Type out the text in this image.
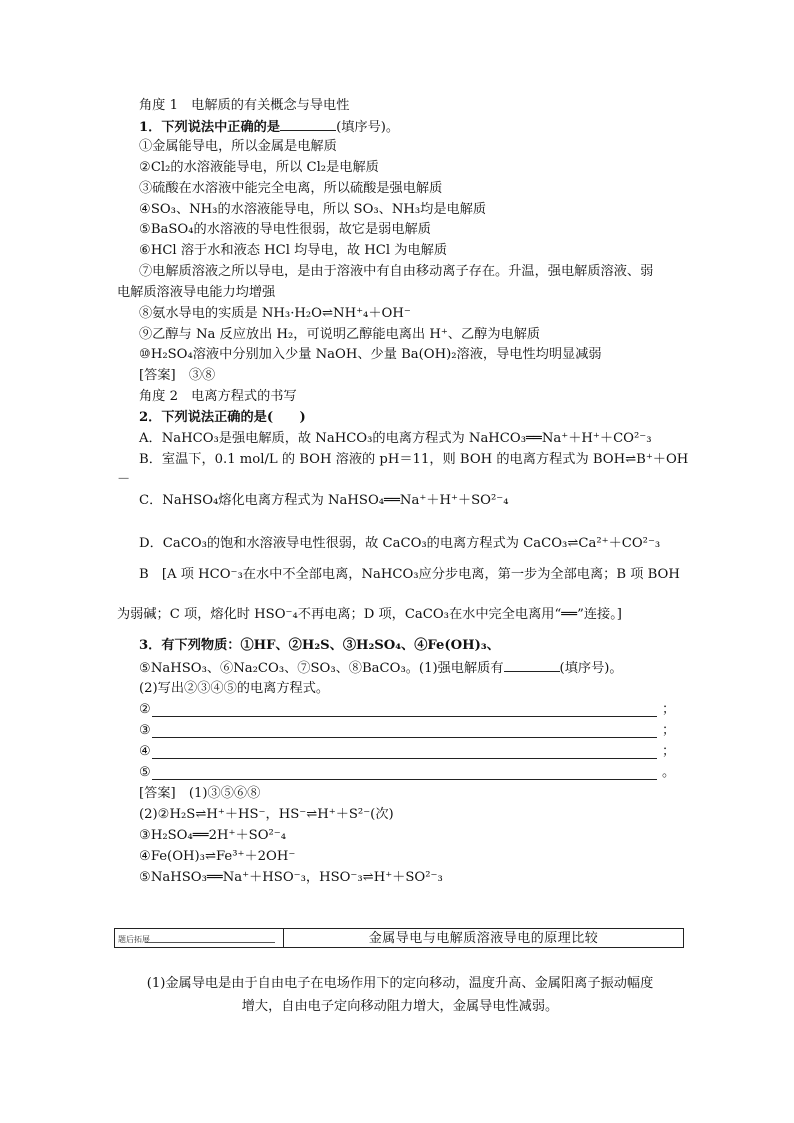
角度 1　电解质的有关概念与导电性
1．下列说法中正确的是	(填序号)。
①金属能导电，所以金属是电解质
②Cl₂的水溶液能导电，所以 Cl₂是电解质
③硫酸在水溶液中能完全电离，所以硫酸是强电解质
④SO₃、NH₃的水溶液能导电，所以 SO₃、NH₃均是电解质
⑤BaSO₄的水溶液的导电性很弱，故它是弱电解质
⑥HCl 溶于水和液态 HCl 均导电，故 HCl 为电解质
⑦电解质溶液之所以导电，是由于溶液中有自由移动离子存在。升温，强电解质溶液、弱
电解质溶液导电能力均增强
⑧氨水导电的实质是 NH₃·H₂O⇌NH⁺₄＋OH⁻
⑨乙醇与 Na 反应放出 H₂，可说明乙醇能电离出 H⁺、乙醇为电解质
⑩H₂SO₄溶液中分别加入少量 NaOH、少量 Ba(OH)₂溶液，导电性均明显减弱
[答案]　③⑧
角度 2　电离方程式的书写
2．下列说法正确的是(　　)
A．NaHCO₃是强电解质，故 NaHCO₃的电离方程式为 NaHCO₃══Na⁺＋H⁺＋CO²⁻₃
B．室温下，0.1 mol/L 的 BOH 溶液的 pH＝11，则 BOH 的电离方程式为 BOH⇌B⁺＋OH
－
C．NaHSO₄熔化电离方程式为 NaHSO₄══Na⁺＋H⁺＋SO²⁻₄
D．CaCO₃的饱和水溶液导电性很弱，故 CaCO₃的电离方程式为 CaCO₃⇌Ca²⁺＋CO²⁻₃
B　[A 项 HCO⁻₃在水中不全部电离，NaHCO₃应分步电离，第一步为全部电离；B 项 BOH
为弱碱；C 项，熔化时 HSO⁻₄不再电离；D 项，CaCO₃在水中完全电离用“══”连接。]
3．有下列物质：①HF、②H₂S、③H₂SO₄、④Fe(OH)₃、
⑤NaHSO₃、⑥Na₂CO₃、⑦SO₃、⑧BaCO₃。(1)强电解质有	(填序号)。
(2)写出②③④⑤的电离方程式。
②	；
③	；
④	；
⑤	。
[答案]　(1)③⑤⑥⑧
(2)②H₂S⇌H⁺＋HS⁻，HS⁻⇌H⁺＋S²⁻(次)
③H₂SO₄══2H⁺＋SO²⁻₄
④Fe(OH)₃⇌Fe³⁺＋2OH⁻
⑤NaHSO₃══Na⁺＋HSO⁻₃，HSO⁻₃⇌H⁺＋SO²⁻₃
题后拓展	金属导电与电解质溶液导电的原理比较
(1)金属导电是由于自由电子在电场作用下的定向移动，温度升高、金属阳离子振动幅度
增大，自由电子定向移动阻力增大，金属导电性减弱。
